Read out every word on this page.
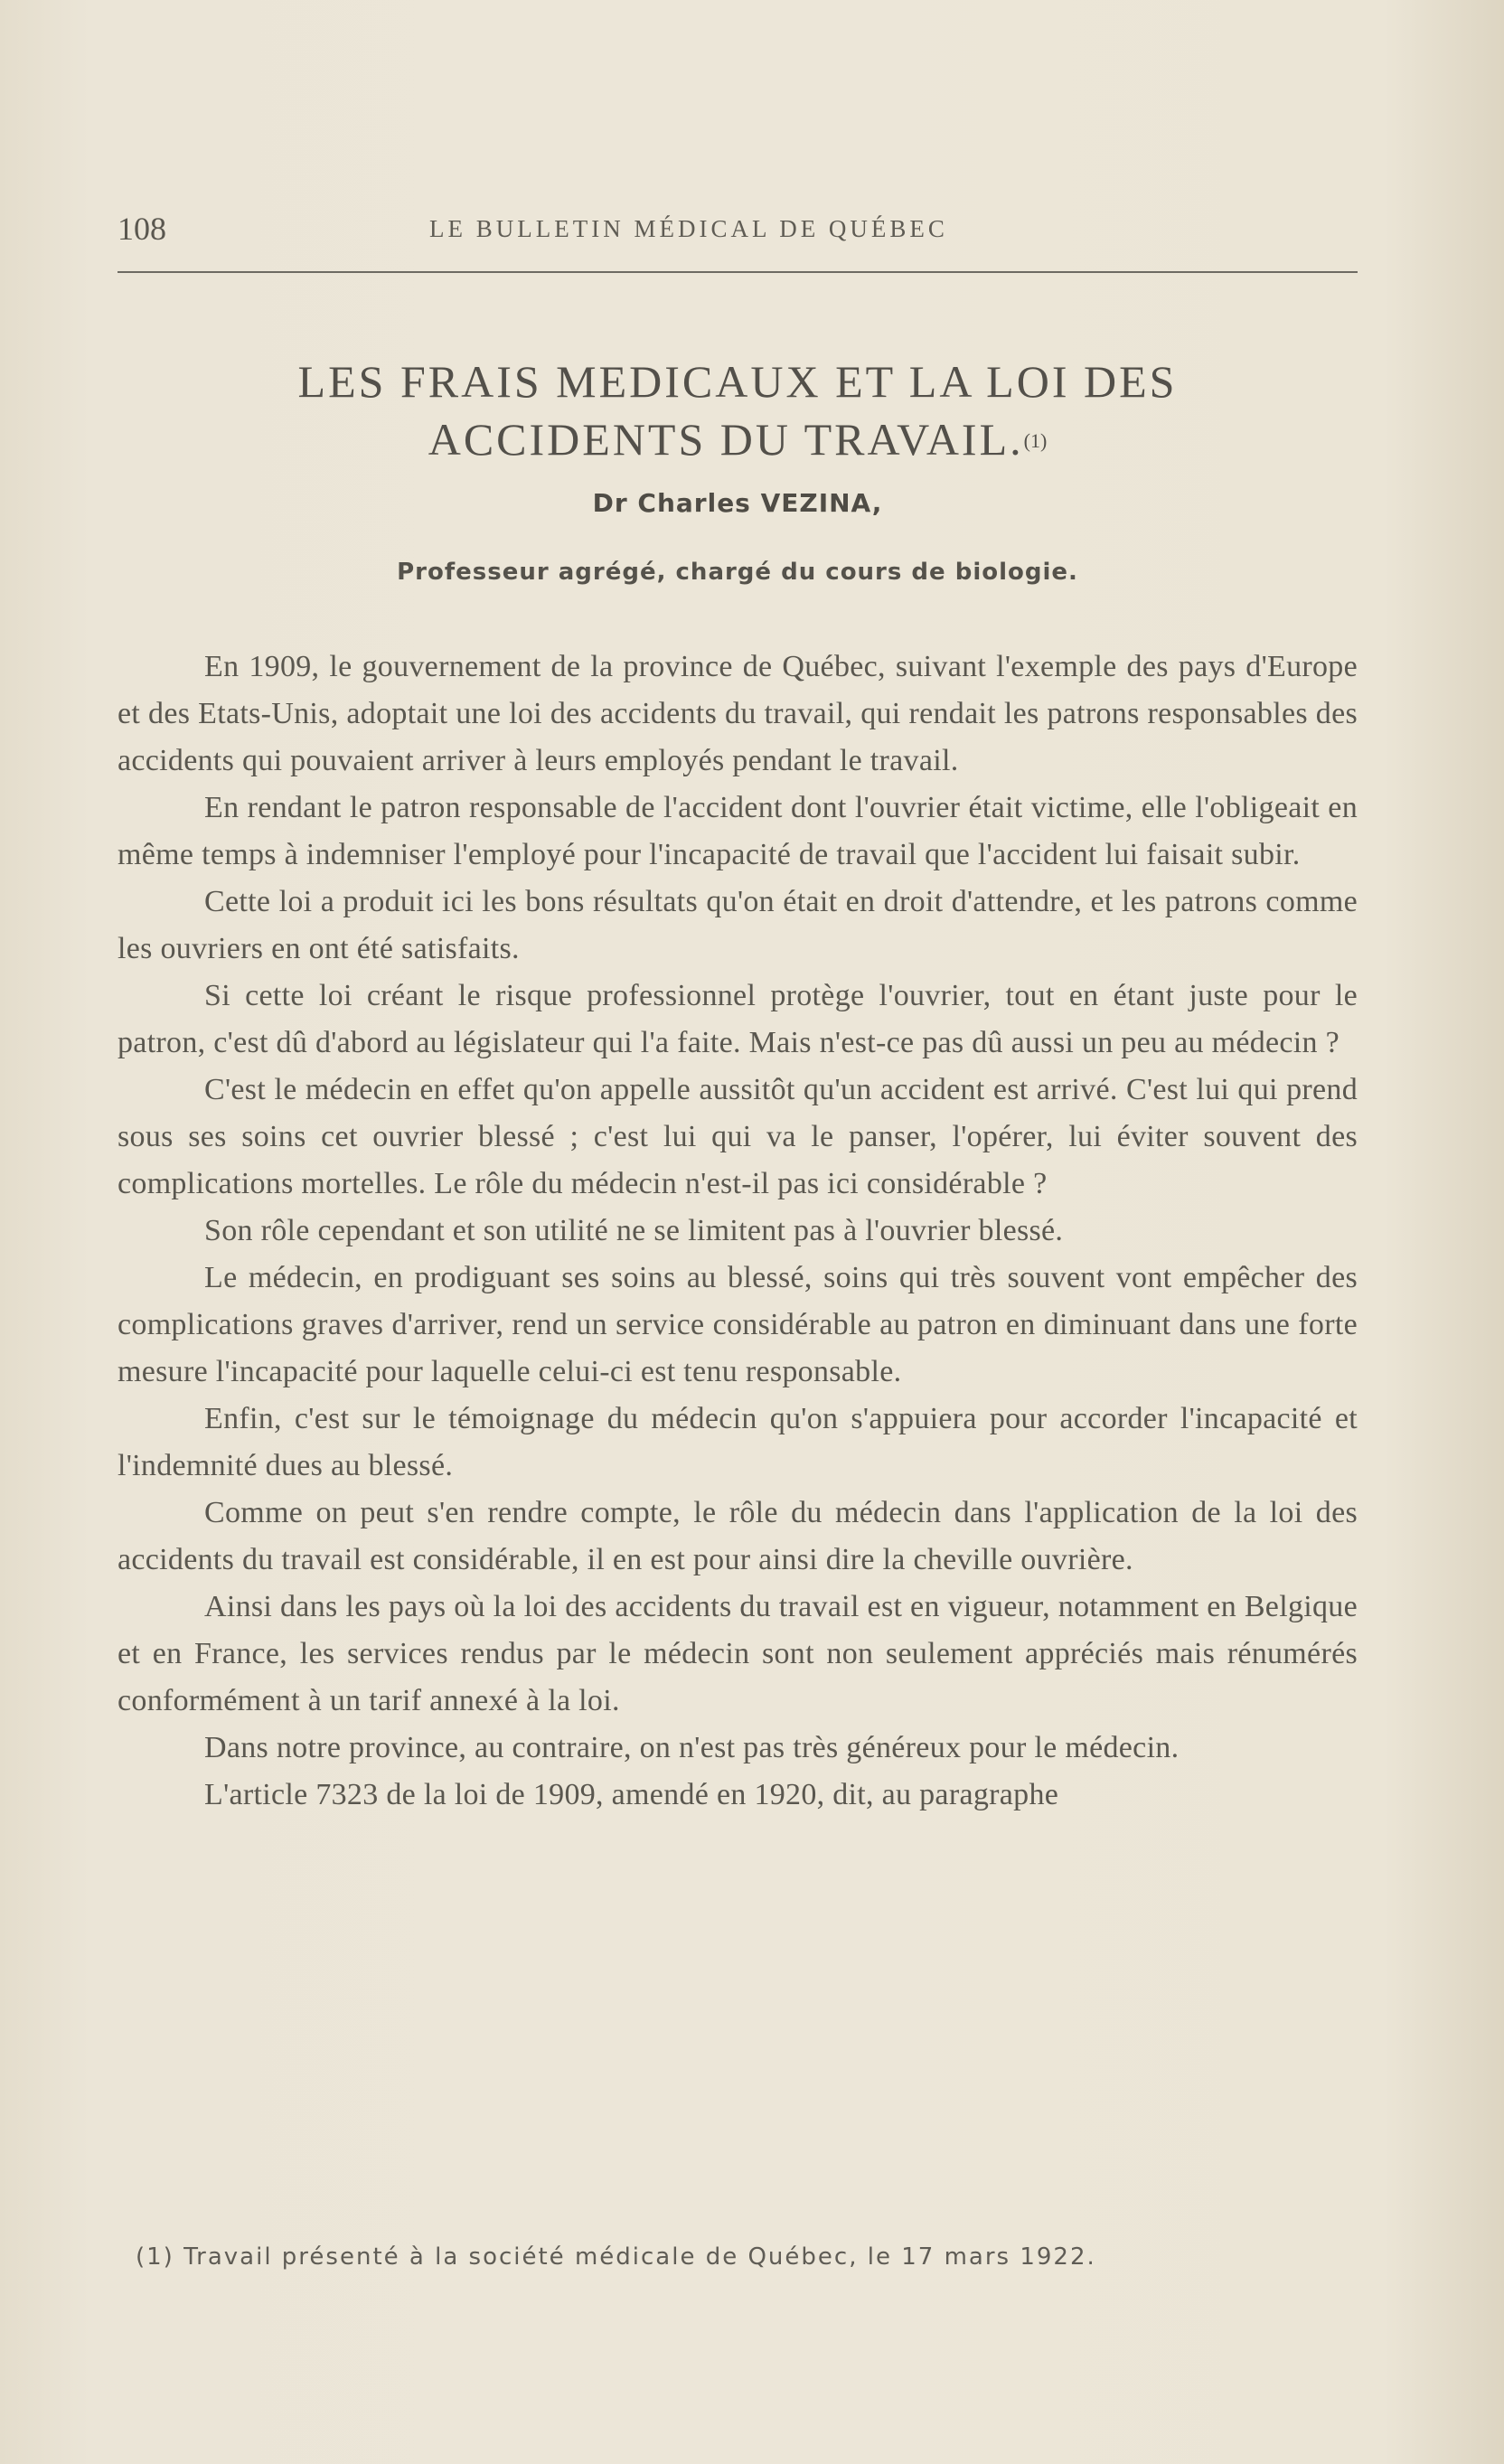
108	LE BULLETIN MÉDICAL DE QUÉBEC
LES FRAIS MEDICAUX ET LA LOI DES
ACCIDENTS DU TRAVAIL.$^{(1)}$
Dr Charles VEZINA,
Professeur agrégé, chargé du cours de biologie.

En 1909, le gouvernement de la province de Québec, suivant l'exemple des pays d'Europe et des Etats-Unis, adoptait une loi des accidents du travail, qui rendait les patrons responsables des accidents qui pouvaient arriver à leurs employés pendant le travail.

En rendant le patron responsable de l'accident dont l'ouvrier était victime, elle l'obligeait en même temps à indemniser l'employé pour l'incapacité de travail que l'accident lui faisait subir.

Cette loi a produit ici les bons résultats qu'on était en droit d'attendre, et les patrons comme les ouvriers en ont été satisfaits.

Si cette loi créant le risque professionnel protège l'ouvrier, tout en étant juste pour le patron, c'est dû d'abord au législateur qui l'a faite. Mais n'est-ce pas dû aussi un peu au médecin ?

C'est le médecin en effet qu'on appelle aussitôt qu'un accident est arrivé. C'est lui qui prend sous ses soins cet ouvrier blessé ; c'est lui qui va le panser, l'opérer, lui éviter souvent des complications mortelles. Le rôle du médecin n'est-il pas ici considérable ?

Son rôle cependant et son utilité ne se limitent pas à l'ouvrier blessé.

Le médecin, en prodiguant ses soins au blessé, soins qui très souvent vont empêcher des complications graves d'arriver, rend un service considérable au patron en diminuant dans une forte mesure l'incapacité pour laquelle celui-ci est tenu responsable.

Enfin, c'est sur le témoignage du médecin qu'on s'appuiera pour accorder l'incapacité et l'indemnité dues au blessé.

Comme on peut s'en rendre compte, le rôle du médecin dans l'application de la loi des accidents du travail est considérable, il en est pour ainsi dire la cheville ouvrière.

Ainsi dans les pays où la loi des accidents du travail est en vigueur, notamment en Belgique et en France, les services rendus par le médecin sont non seulement appréciés mais rénumérés conformément à un tarif annexé à la loi.

Dans notre province, au contraire, on n'est pas très généreux pour le médecin.

L'article 7323 de la loi de 1909, amendé en 1920, dit, au paragraphe

(1) Travail présenté à la société médicale de Québec, le 17 mars 1922.
